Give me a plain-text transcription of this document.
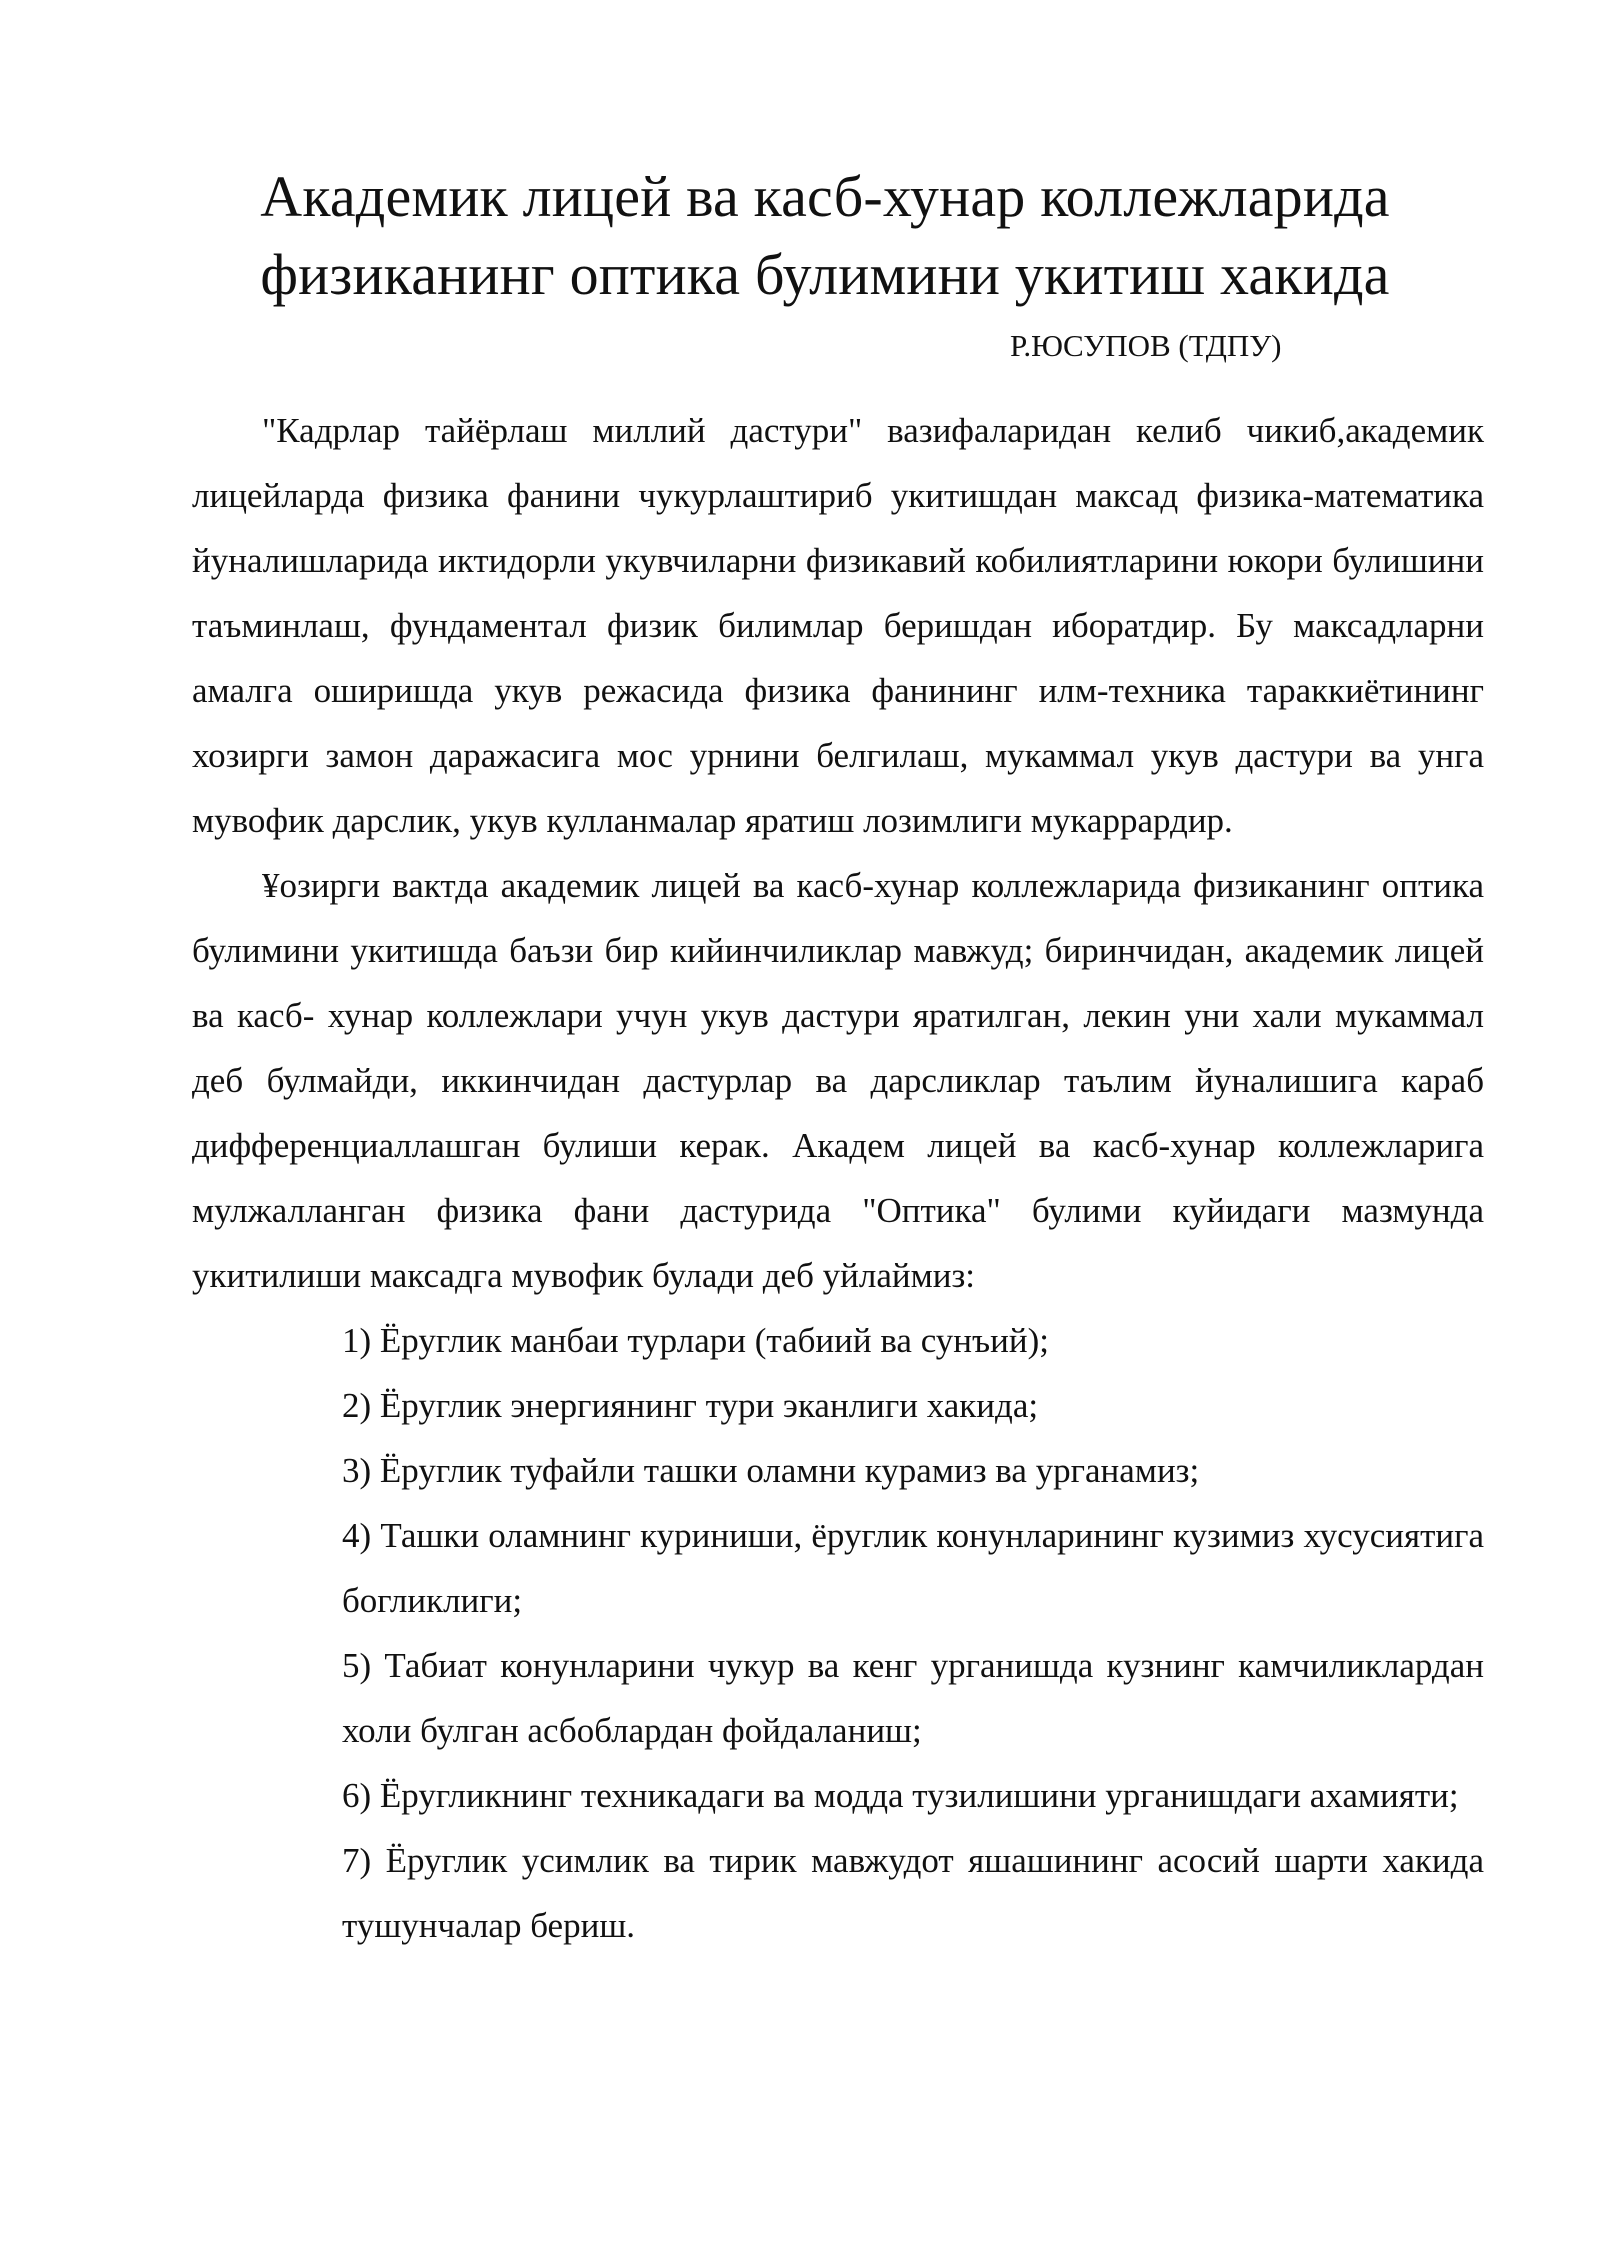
Академик лицей ва касб-хунар коллежларида
физиканинг оптика булимини укитиш хакида

Р.ЮСУПОВ (ТДПУ)

"Кадрлар тайёрлаш миллий дастури" вазифаларидан келиб чикиб,академик лицейларда физика фанини чукурлаштириб укитишдан максад физика-математика йуналишларида иктидорли укувчиларни физикавий кобилиятларини юкори булишини таъминлаш, фундаментал физик билимлар беришдан иборатдир. Бу максадларни амалга оширишда укув режасида физика фанининг илм-техника тараккиётининг хозирги замон даражасига мос урнини белгилаш, мукаммал укув дастури ва унга мувофик дарслик, укув кулланмалар яратиш лозимлиги мукаррардир.

¥озирги вактда академик лицей ва касб-хунар коллежларида физиканинг оптика булимини укитишда баъзи бир кийинчиликлар мавжуд; биринчидан, академик лицей ва касб- хунар коллежлари учун укув дастури яратилган, лекин уни хали мукаммал деб булмайди, иккинчидан дастурлар ва дарсликлар таълим йуналишига караб дифференциаллашган булиши керак. Академ лицей ва касб-хунар коллежларига мулжалланган физика фани дастурида "Оптика" булими куйидаги мазмунда укитилиши максадга мувофик булади деб уйлаймиз:

1) Ёруглик манбаи турлари (табиий ва сунъий);
2) Ёруглик энергиянинг тури эканлиги хакида;
3) Ёруглик туфайли ташки оламни курамиз ва урганамиз;
4) Ташки оламнинг куриниши, ёруглик конунларининг кузимиз хусусиятига богликлиги;
5) Табиат конунларини чукур ва кенг урганишда кузнинг камчиликлардан холи булган асбоблардан фойдаланиш;
6) Ёругликнинг техникадаги ва модда тузилишини урганишдаги ахамияти;
7) Ёруглик усимлик ва тирик мавжудот яшашининг асосий шарти хакида тушунчалар бериш.
